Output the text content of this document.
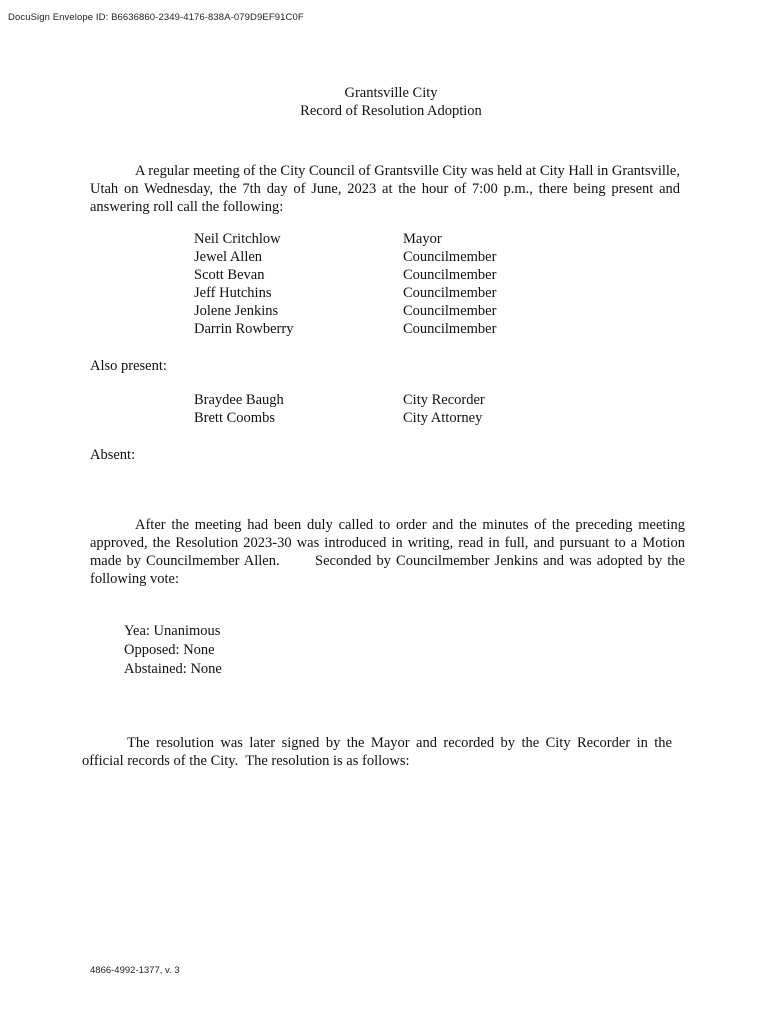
DocuSign Envelope ID: B6636860-2349-4176-838A-079D9EF91C0F
Grantsville City
Record of Resolution Adoption

A regular meeting of the City Council of Grantsville City was held at City Hall in Grantsville, Utah on Wednesday, the 7th day of June, 2023 at the hour of 7:00 p.m., there being present and answering roll call the following:

Neil Critchlow	Mayor
Jewel Allen	Councilmember
Scott Bevan	Councilmember
Jeff Hutchins	Councilmember
Jolene Jenkins	Councilmember
Darrin Rowberry	Councilmember
Also present:
Braydee Baugh	City Recorder
Brett Coombs	City Attorney
Absent:

After the meeting had been duly called to order and the minutes of the preceding meeting approved, the Resolution 2023-30 was introduced in writing, read in full, and pursuant to a Motion made by Councilmember Allen.       Seconded by Councilmember Jenkins and was adopted by the following vote:

Yea: Unanimous
Opposed: None
Abstained: None

The resolution was later signed by the Mayor and recorded by the City Recorder in the official records of the City.  The resolution is as follows:

4866-4992-1377, v. 3
